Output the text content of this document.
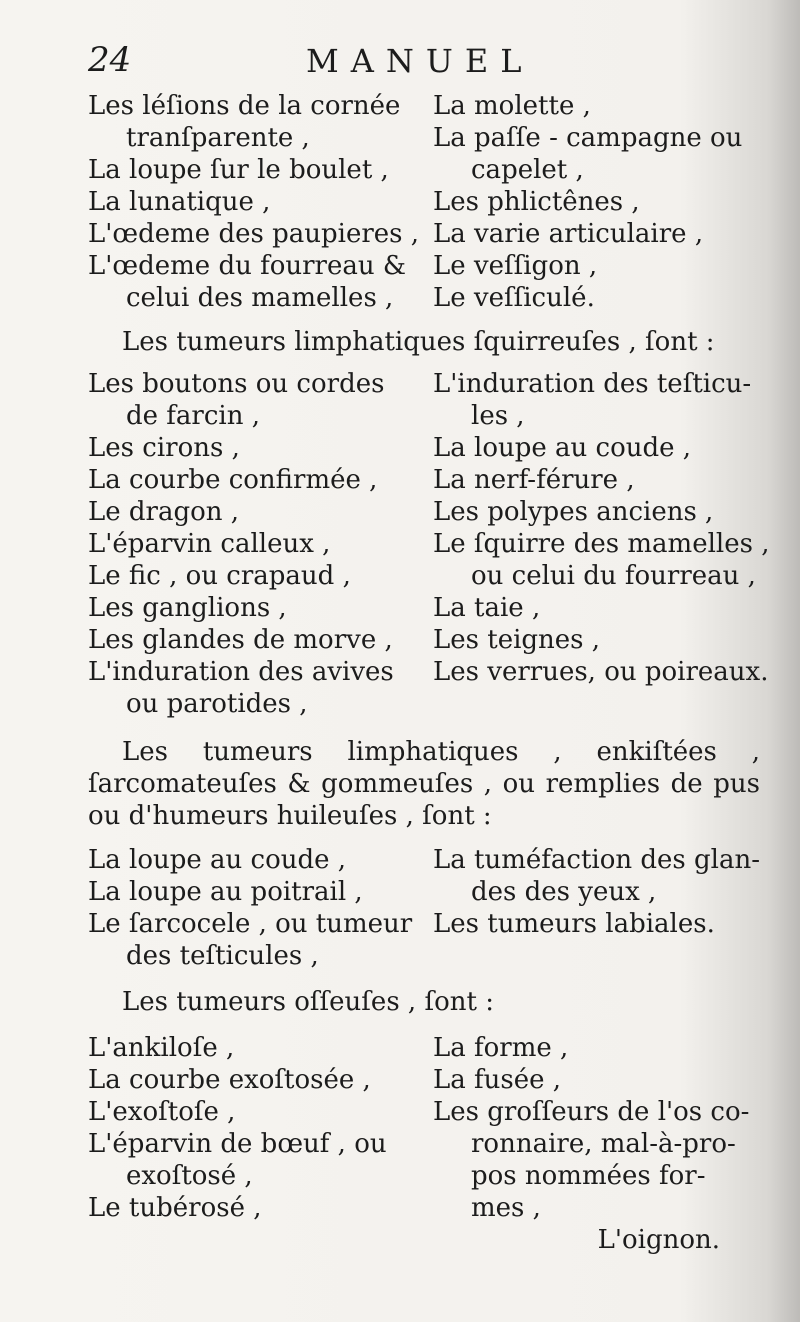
24	MANUEL

Les léſions de la cornée
tranſparente ,

La loupe ſur le boulet ,

La lunatique ,

L'œdeme des paupieres ,

L'œdeme du fourreau &
celui des mamelles ,

La molette ,

La paſſe - campagne ou
capelet ,

Les phlictênes ,

La varie articulaire ,

Le veſſigon ,

Le veſſiculé.

Les tumeurs limphatiques ſquirreuſes , ſont :

Les boutons ou cordes
de farcin ,

Les cirons ,

La courbe confirmée ,

Le dragon ,

L'éparvin calleux ,

Le fic , ou crapaud ,

Les ganglions ,

Les glandes de morve ,

L'induration des avives
ou parotides ,

L'induration des teſticu-
les ,

La loupe au coude ,

La nerf-férure ,

Les polypes anciens ,

Le ſquirre des mamelles ,
ou celui du fourreau ,

La taie ,

Les teignes ,

Les verrues, ou poireaux.

Les tumeurs limphatiques , enkiſtées , ſarcomateuſes & gommeuſes , ou remplies de pus ou d'humeurs huileuſes , ſont :

La loupe au coude ,

La loupe au poitrail ,

Le ſarcocele , ou tumeur
des teſticules ,

La tuméfaction des glan-
des des yeux ,

Les tumeurs labiales.

Les tumeurs oſſeuſes , ſont :

L'ankiloſe ,

La courbe exoſtosée ,

L'exoſtoſe ,

L'éparvin de bœuf , ou
exoſtosé ,

Le tubérosé ,

La forme ,

La fusée ,

Les groſſeurs de l'os co-
ronnaire, mal-à-pro-
pos nommées for-
mes ,

L'oignon.
